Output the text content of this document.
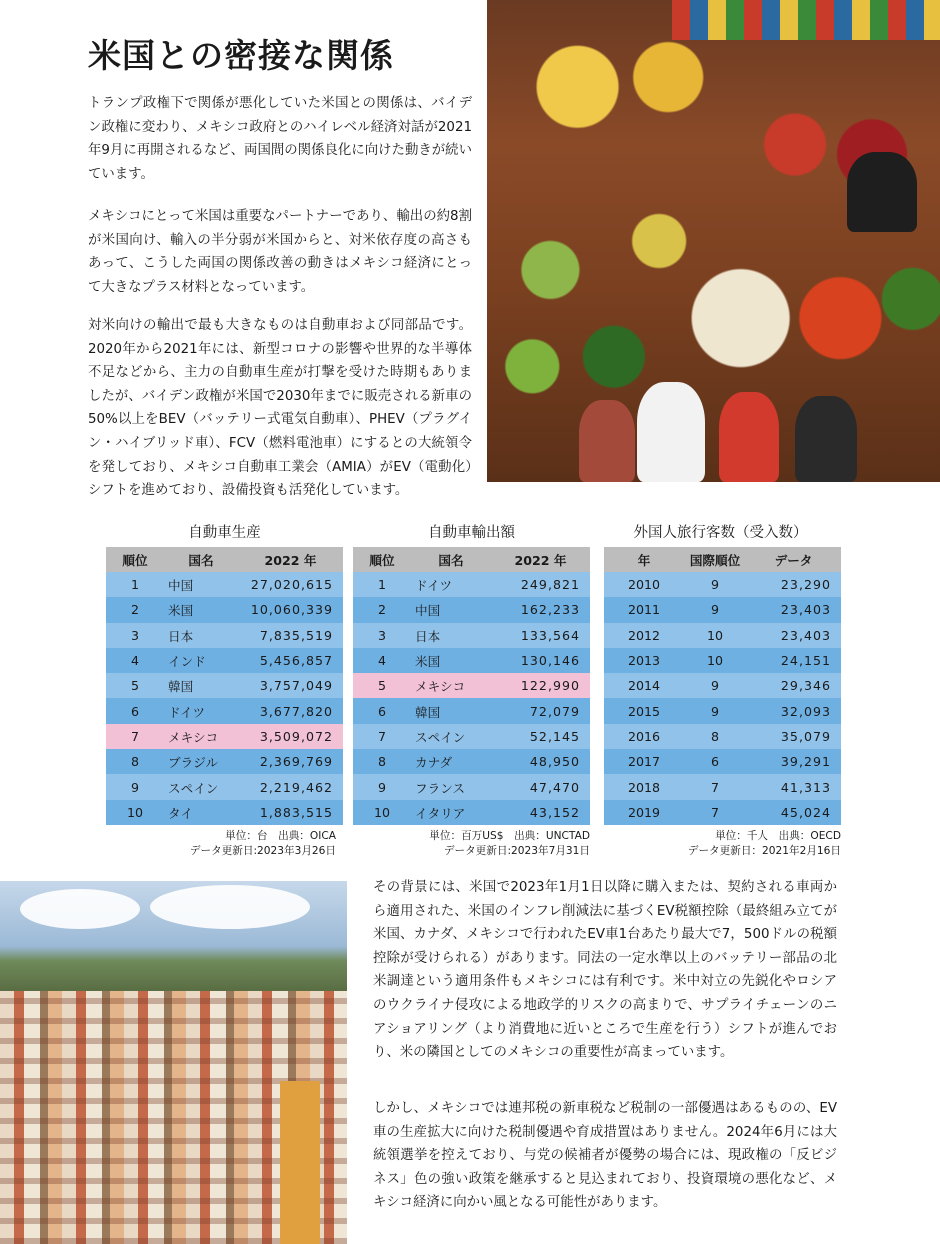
米国との密接な関係

トランプ政権下で関係が悪化していた米国との関係は、バイデン政権に変わり、メキシコ政府とのハイレベル経済対話が2021年9月に再開されるなど、両国間の関係良化に向けた動きが続いています。

メキシコにとって米国は重要なパートナーであり、輸出の約8割が米国向け、輸入の半分弱が米国からと、対米依存度の高さもあって、こうした両国の関係改善の動きはメキシコ経済にとって大きなプラス材料となっています。

対米向けの輸出で最も大きなものは自動車および同部品です。2020年から2021年には、新型コロナの影響や世界的な半導体不足などから、主力の自動車生産が打撃を受けた時期もありましたが、バイデン政権が米国で2030年までに販売される新車の50%以上をBEV（バッテリー式電気自動車）、PHEV（プラグイン・ハイブリッド車）、FCV（燃料電池車）にするとの大統領令を発しており、メキシコ自動車工業会（AMIA）がEV（電動化）シフトを進めており、設備投資も活発化しています。

自動車生産
順位	国名	2022 年
1	中国	27,020,615
2	米国	10,060,339
3	日本	7,835,519
4	インド	5,456,857
5	韓国	3,757,049
6	ドイツ	3,677,820
7	メキシコ	3,509,072
8	ブラジル	2,369,769
9	スペイン	2,219,462
10	タイ	1,883,515
単位：台　出典：OICA
データ更新日:2023年3月26日
自動車輸出額
順位	国名	2022 年
1	ドイツ	249,821
2	中国	162,233
3	日本	133,564
4	米国	130,146
5	メキシコ	122,990
6	韓国	72,079
7	スペイン	52,145
8	カナダ	48,950
9	フランス	47,470
10	イタリア	43,152
単位：百万US$　出典：UNCTAD
データ更新日:2023年7月31日
外国人旅行客数（受入数）
年	国際順位	データ
2010	9	23,290
2011	9	23,403
2012	10	23,403
2013	10	24,151
2014	9	29,346
2015	9	32,093
2016	8	35,079
2017	6	39,291
2018	7	41,313
2019	7	45,024
単位：千人　出典：OECD
データ更新日：2021年2月16日

その背景には、米国で2023年1月1日以降に購入または、契約される車両から適用された、米国のインフレ削減法に基づくEV税額控除（最終組み立てが米国、カナダ、メキシコで行われたEV車1台あたり最大で7，500ドルの税額控除が受けられる）があります。同法の一定水準以上のバッテリー部品の北米調達という適用条件もメキシコには有利です。米中対立の先鋭化やロシアのウクライナ侵攻による地政学的リスクの高まりで、サプライチェーンのニアショアリング（より消費地に近いところで生産を行う）シフトが進んでおり、米の隣国としてのメキシコの重要性が高まっています。

しかし、メキシコでは連邦税の新車税など税制の一部優遇はあるものの、EV車の生産拡大に向けた税制優遇や育成措置はありません。2024年6月には大統領選挙を控えており、与党の候補者が優勢の場合には、現政権の「反ビジネス」色の強い政策を継承すると見込まれており、投資環境の悪化など、メキシコ経済に向かい風となる可能性があります。
